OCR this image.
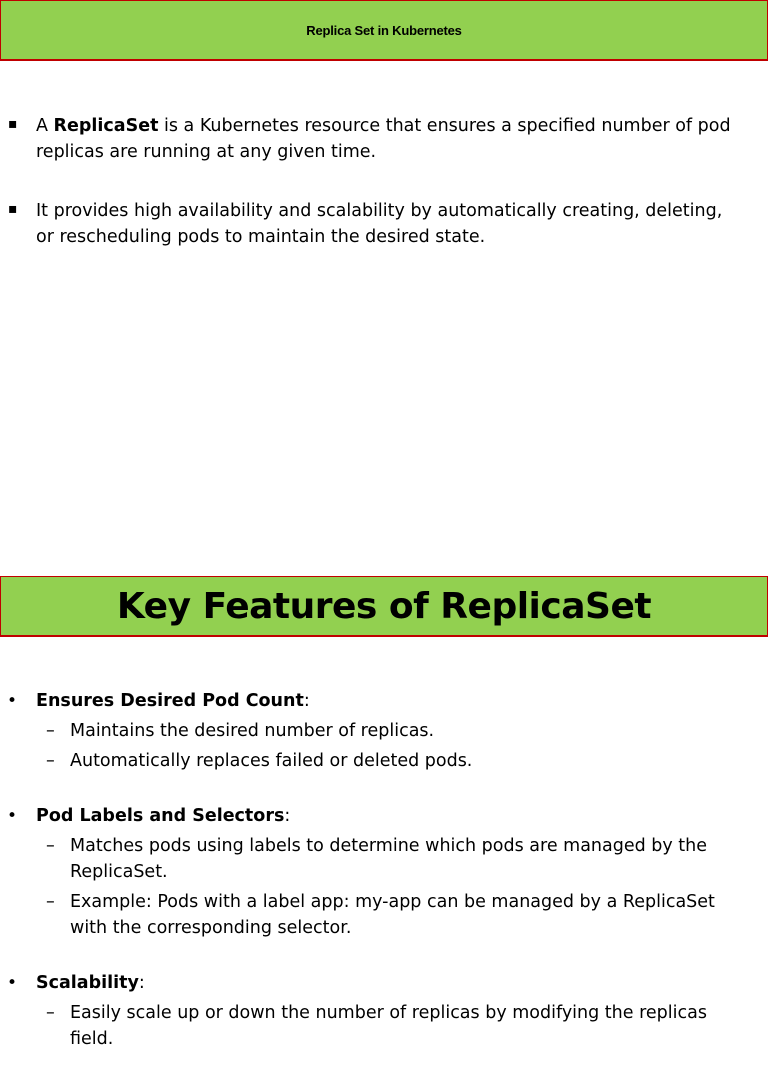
Replica Set in Kubernetes
▪ A ReplicaSet is a Kubernetes resource that ensures a specified number of pod replicas are running at any given time.
▪ It provides high availability and scalability by automatically creating, deleting, or rescheduling pods to maintain the desired state.
Key Features of ReplicaSet
• Ensures Desired Pod Count:
– Maintains the desired number of replicas.
– Automatically replaces failed or deleted pods.
• Pod Labels and Selectors:
– Matches pods using labels to determine which pods are managed by the ReplicaSet.
– Example: Pods with a label app: my-app can be managed by a ReplicaSet with the corresponding selector.
• Scalability:
– Easily scale up or down the number of replicas by modifying the replicas field.
